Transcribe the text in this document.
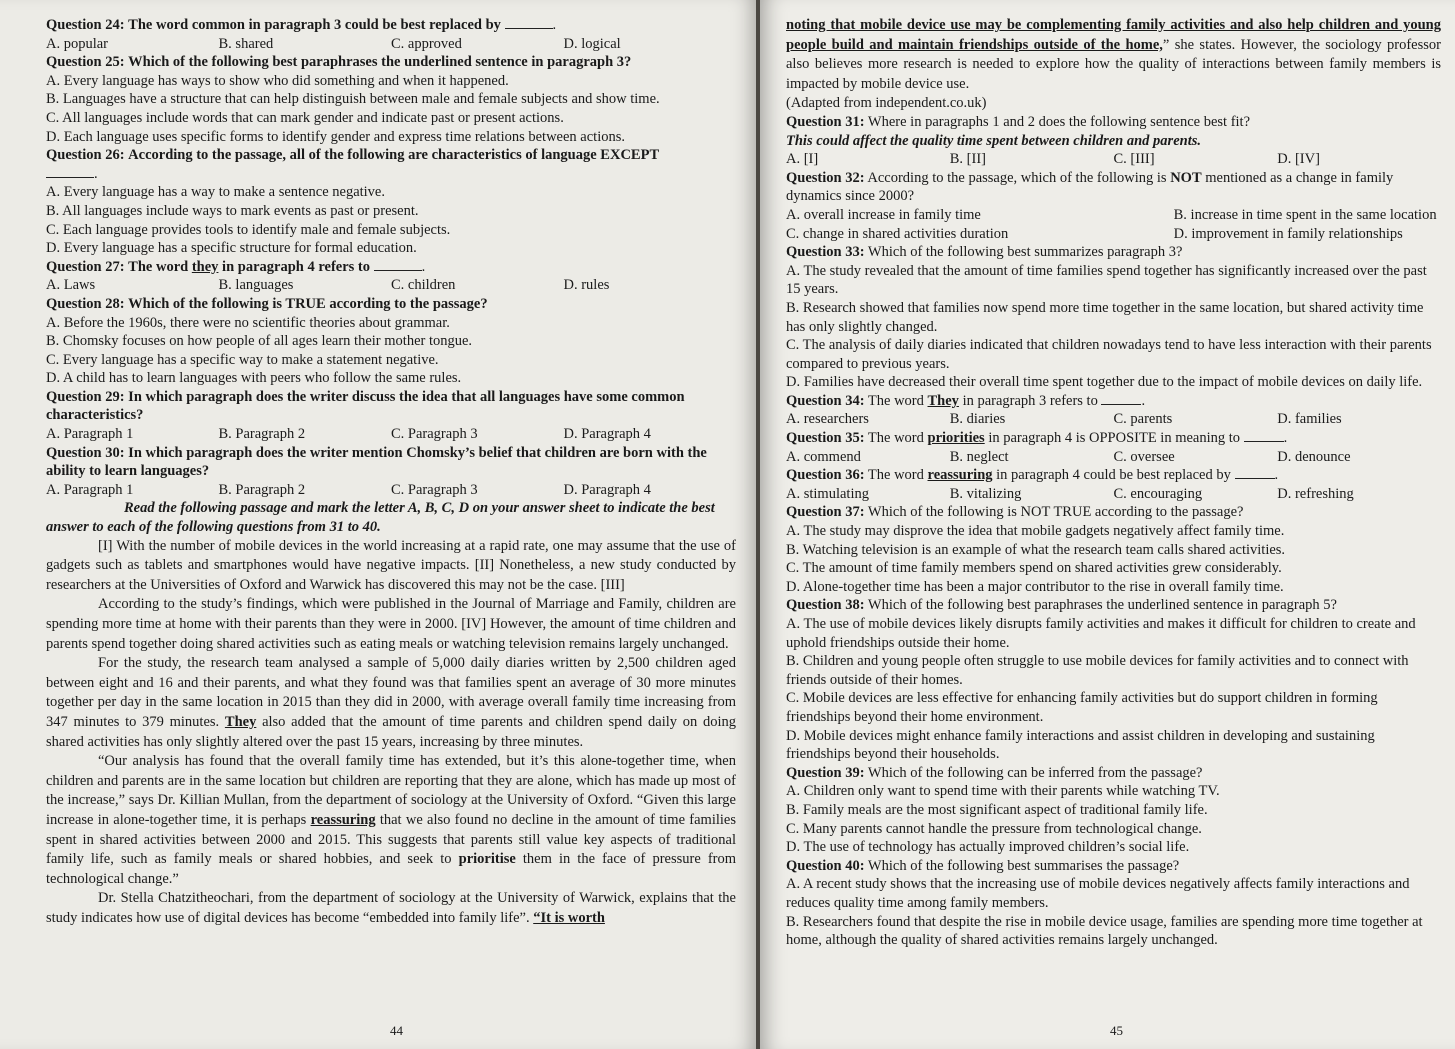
Question 24: The word common in paragraph 3 could be best replaced by	.

A. popular	B. shared	C. approved	D. logical

Question 25: Which of the following best paraphrases the underlined sentence in paragraph 3?

A. Every language has ways to show who did something and when it happened.
B. Languages have a structure that can help distinguish between male and female subjects and show time.
C. All languages include words that can mark gender and indicate past or present actions.
D. Each language uses specific forms to identify gender and express time relations between actions.

Question 26: According to the passage, all of the following are characteristics of language EXCEPT
.

A. Every language has a way to make a sentence negative.
B. All languages include ways to mark events as past or present.
C. Each language provides tools to identify male and female subjects.
D. Every language has a specific structure for formal education.

Question 27: The word they in paragraph 4 refers to	.

A. Laws	B. languages	C. children	D. rules

Question 28: Which of the following is TRUE according to the passage?

A. Before the 1960s, there were no scientific theories about grammar.
B. Chomsky focuses on how people of all ages learn their mother tongue.
C. Every language has a specific way to make a statement negative.
D. A child has to learn languages with peers who follow the same rules.

Question 29: In which paragraph does the writer discuss the idea that all languages have some common characteristics?

A. Paragraph 1	B. Paragraph 2	C. Paragraph 3	D. Paragraph 4

Question 30: In which paragraph does the writer mention Chomsky’s belief that children are born with the ability to learn languages?

A. Paragraph 1	B. Paragraph 2	C. Paragraph 3	D. Paragraph 4
Read the following passage and mark the letter A, B, C, D on your answer sheet to indicate the best answer to each of the following questions from 31 to 40.

[I] With the number of mobile devices in the world increasing at a rapid rate, one may assume that the use of gadgets such as tablets and smartphones would have negative impacts. [II] Nonetheless, a new study conducted by researchers at the Universities of Oxford and Warwick has discovered this may not be the case. [III]

According to the study’s findings, which were published in the Journal of Marriage and Family, children are spending more time at home with their parents than they were in 2000. [IV] However, the amount of time children and parents spend together doing shared activities such as eating meals or watching television remains largely unchanged.

For the study, the research team analysed a sample of 5,000 daily diaries written by 2,500 children aged between eight and 16 and their parents, and what they found was that families spent an average of 30 more minutes together per day in the same location in 2015 than they did in 2000, with average overall family time increasing from 347 minutes to 379 minutes. They also added that the amount of time parents and children spend daily on doing shared activities has only slightly altered over the past 15 years, increasing by three minutes.

“Our analysis has found that the overall family time has extended, but it’s this alone-together time, when children and parents are in the same location but children are reporting that they are alone, which has made up most of the increase,” says Dr. Killian Mullan, from the department of sociology at the University of Oxford. “Given this large increase in alone-together time, it is perhaps reassuring that we also found no decline in the amount of time families spent in shared activities between 2000 and 2015. This suggests that parents still value key aspects of traditional family life, such as family meals or shared hobbies, and seek to prioritise them in the face of pressure from technological change.”

Dr. Stella Chatzitheochari, from the department of sociology at the University of Warwick, explains that the study indicates how use of digital devices has become “embedded into family life”. “It is worth

44

noting that mobile device use may be complementing family activities and also help children and young people build and maintain friendships outside of the home,” she states. However, the sociology professor also believes more research is needed to explore how the quality of interactions between family members is impacted by mobile device use.

(Adapted from independent.co.uk)

Question 31: Where in paragraphs 1 and 2 does the following sentence best fit?

This could affect the quality time spent between children and parents.
A. [I]	B. [II]	C. [III]	D. [IV]

Question 32: According to the passage, which of the following is NOT mentioned as a change in family dynamics since 2000?

A. overall increase in family time	B. increase in time spent in the same location
C. change in shared activities duration	D. improvement in family relationships

Question 33: Which of the following best summarizes paragraph 3?

A. The study revealed that the amount of time families spend together has significantly increased over the past 15 years.
B. Research showed that families now spend more time together in the same location, but shared activity time has only slightly changed.
C. The analysis of daily diaries indicated that children nowadays tend to have less interaction with their parents compared to previous years.
D. Families have decreased their overall time spent together due to the impact of mobile devices on daily life.

Question 34: The word They in paragraph 3 refers to	.

A. researchers	B. diaries	C. parents	D. families

Question 35: The word priorities in paragraph 4 is OPPOSITE in meaning to	.

A. commend	B. neglect	C. oversee	D. denounce

Question 36: The word reassuring in paragraph 4 could be best replaced by	.

A. stimulating	B. vitalizing	C. encouraging	D. refreshing

Question 37: Which of the following is NOT TRUE according to the passage?

A. The study may disprove the idea that mobile gadgets negatively affect family time.
B. Watching television is an example of what the research team calls shared activities.
C. The amount of time family members spend on shared activities grew considerably.
D. Alone-together time has been a major contributor to the rise in overall family time.

Question 38: Which of the following best paraphrases the underlined sentence in paragraph 5?

A. The use of mobile devices likely disrupts family activities and makes it difficult for children to create and uphold friendships outside their home.
B. Children and young people often struggle to use mobile devices for family activities and to connect with friends outside of their homes.
C. Mobile devices are less effective for enhancing family activities but do support children in forming friendships beyond their home environment.
D. Mobile devices might enhance family interactions and assist children in developing and sustaining friendships beyond their households.

Question 39: Which of the following can be inferred from the passage?

A. Children only want to spend time with their parents while watching TV.
B. Family meals are the most significant aspect of traditional family life.
C. Many parents cannot handle the pressure from technological change.
D. The use of technology has actually improved children’s social life.

Question 40: Which of the following best summarises the passage?

A. A recent study shows that the increasing use of mobile devices negatively affects family interactions and reduces quality time among family members.
B. Researchers found that despite the rise in mobile device usage, families are spending more time together at home, although the quality of shared activities remains largely unchanged.
45
